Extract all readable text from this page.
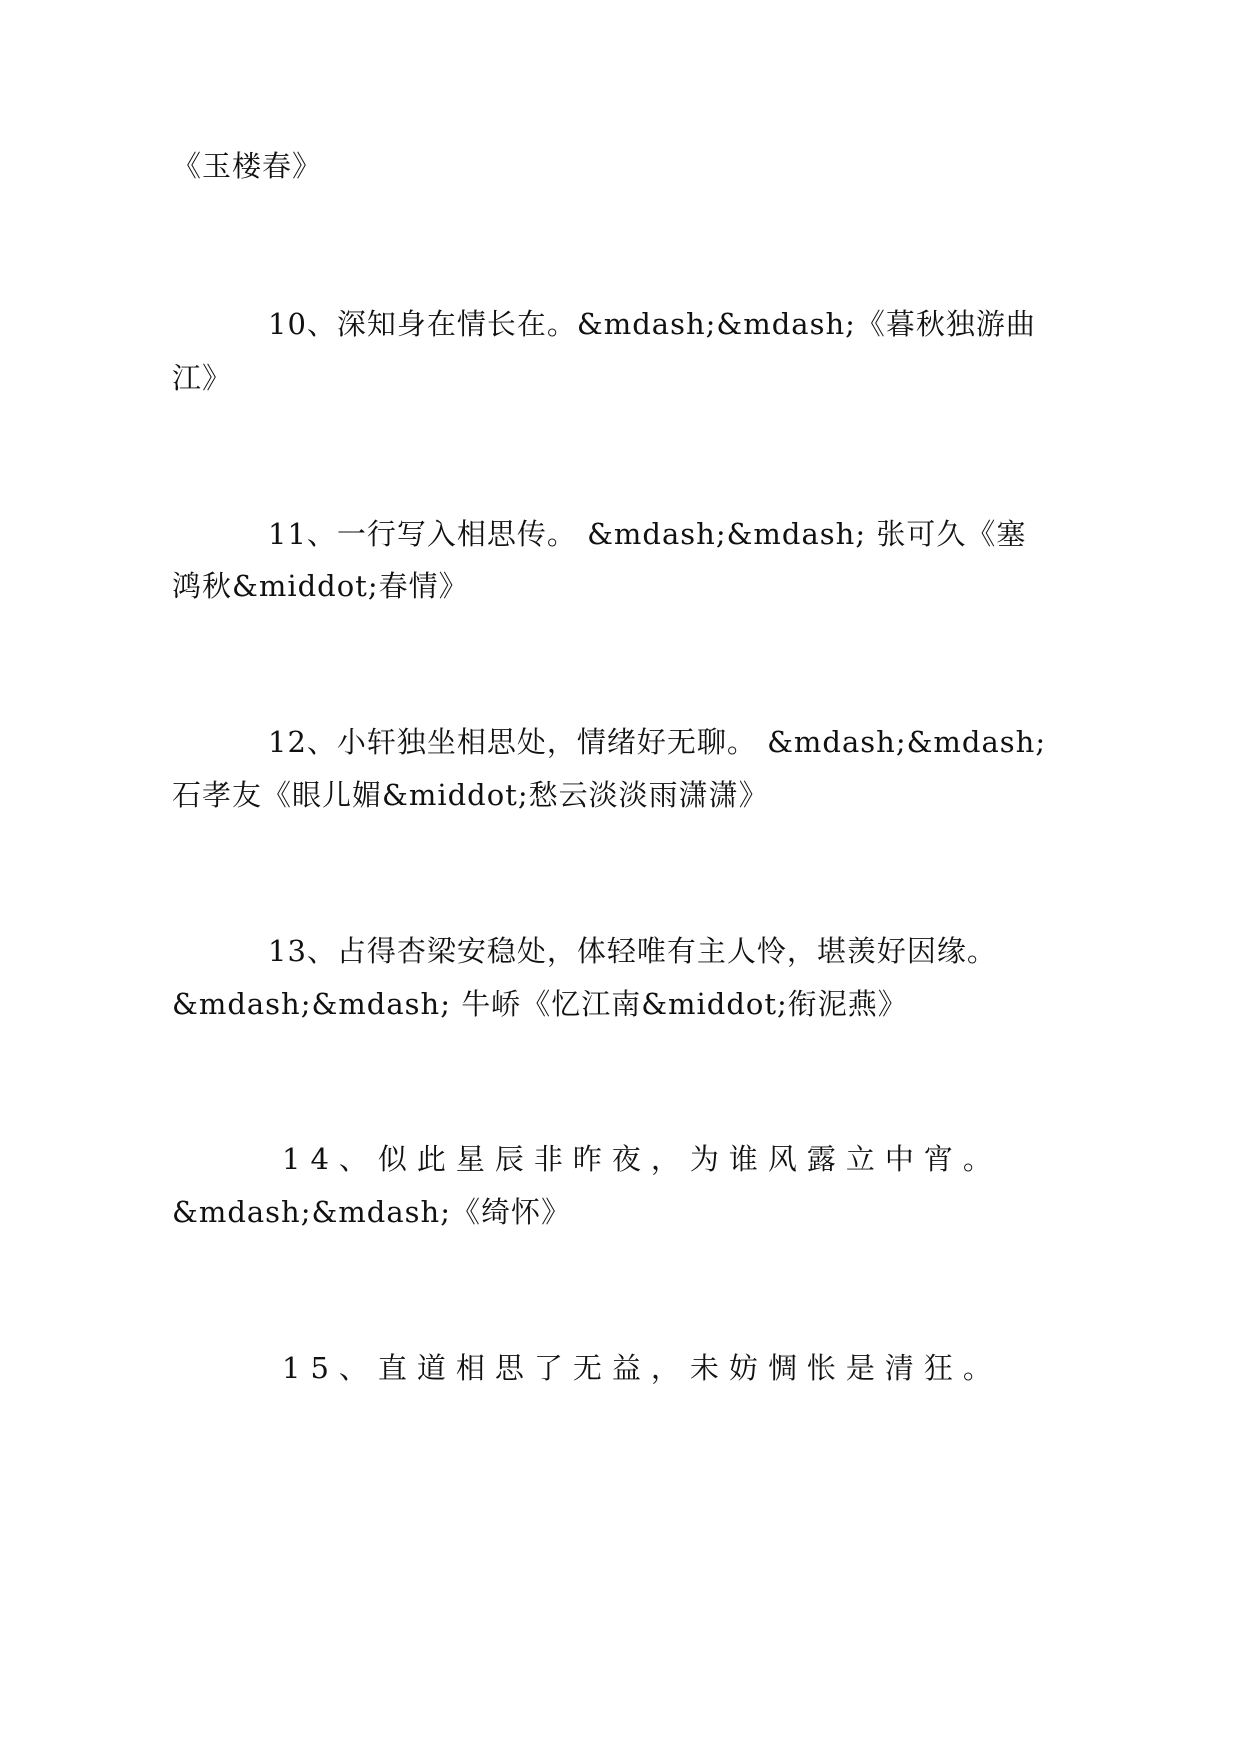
《玉楼春》
10、深知身在情长在。&mdash;&mdash;《暮秋独游曲
江》
11、一行写入相思传。 &mdash;&mdash; 张可久《塞
鸿秋&middot;春情》
12、小轩独坐相思处，情绪好无聊。 &mdash;&mdash;
石孝友《眼儿媚&middot;愁云淡淡雨潇潇》
13、占得杏梁安稳处，体轻唯有主人怜，堪羡好因缘。
&mdash;&mdash; 牛峤《忆江南&middot;衔泥燕》
14、似此星辰非昨夜，为谁风露立中宵。
&mdash;&mdash;《绮怀》
15、直道相思了无益，未妨惆怅是清狂。
